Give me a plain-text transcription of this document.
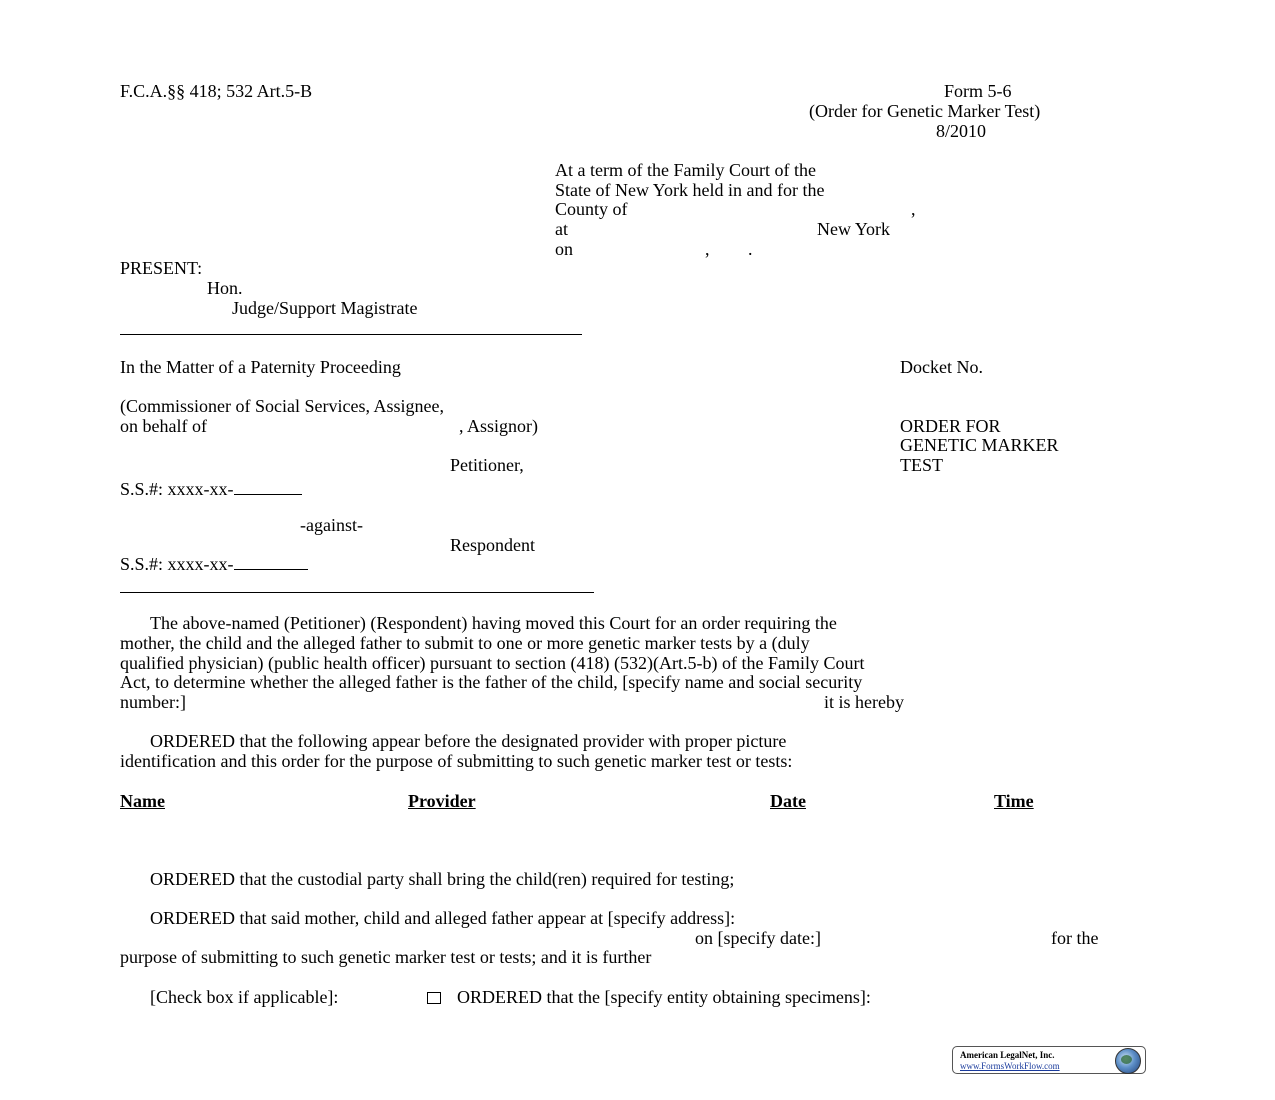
F.C.A.§§ 418; 532 Art.5-B	Form 5-6
(Order for Genetic Marker Test)
8/2010
At a term of the Family Court of the
State of New York held in and for the
County of	,
at	New York
on	, .
PRESENT:
Hon.
Judge/Support Magistrate
In the Matter of a Paternity Proceeding	Docket No.
(Commissioner of Social Services, Assignee,
on behalf of	, Assignor)	ORDER FOR
GENETIC MARKER
Petitioner,	TEST
S.S.#: xxxx-xx-
-against-
Respondent
S.S.#: xxxx-xx-
The above-named (Petitioner) (Respondent) having moved this Court for an order requiring the
mother, the child and the alleged father to submit to one or more genetic marker tests by a (duly
qualified physician) (public health officer) pursuant to section (418) (532)(Art.5-b) of the Family Court
Act, to determine whether the alleged father is the father of the child, [specify name and social security
number:]	it is hereby
ORDERED that the following appear before the designated provider with proper picture
identification and this order for the purpose of submitting to such genetic marker test or tests:
Name	Provider	Date	Time
ORDERED that the custodial party shall bring the child(ren) required for testing;
ORDERED that said mother, child and alleged father appear at [specify address]:
on [specify date:]	for the
purpose of submitting to such genetic marker test or tests; and it is further
[Check box if applicable]:	ORDERED that the [specify entity obtaining specimens]:
American LegalNet, Inc.
www.FormsWorkFlow.com
